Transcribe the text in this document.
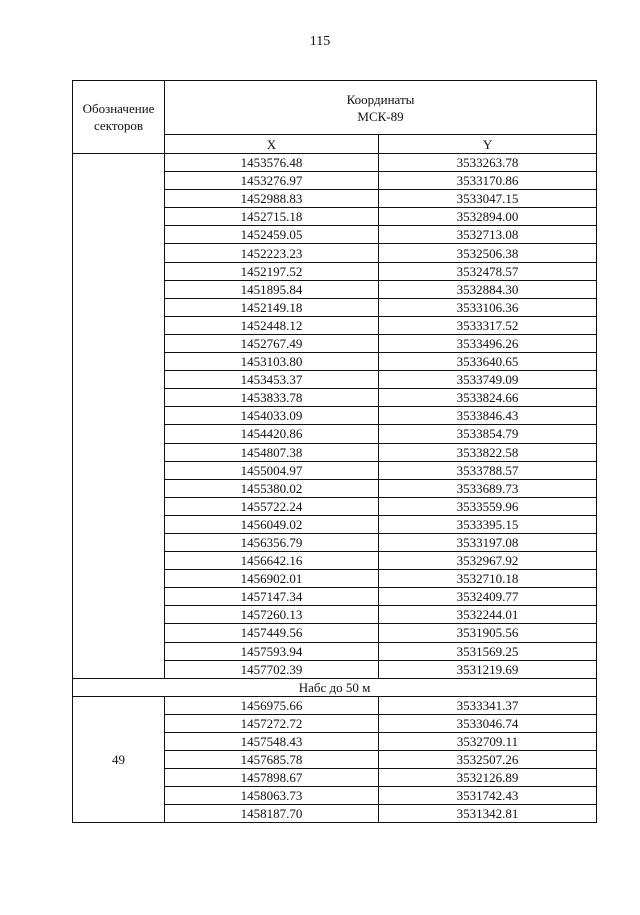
115
Обозначение секторов	Координаты
МСК-89	

	X	Y
	1453576.48	3533263.78
	1453276.97	3533170.86
	1452988.83	3533047.15
	1452715.18	3532894.00
	1452459.05	3532713.08
	1452223.23	3532506.38
	1452197.52	3532478.57
	1451895.84	3532884.30
	1452149.18	3533106.36
	1452448.12	3533317.52
	1452767.49	3533496.26
	1453103.80	3533640.65
	1453453.37	3533749.09
	1453833.78	3533824.66
	1454033.09	3533846.43
	1454420.86	3533854.79
	1454807.38	3533822.58
	1455004.97	3533788.57
	1455380.02	3533689.73
	1455722.24	3533559.96
	1456049.02	3533395.15
	1456356.79	3533197.08
	1456642.16	3532967.92
	1456902.01	3532710.18
	1457147.34	3532409.77
	1457260.13	3532244.01
	1457449.56	3531905.56
	1457593.94	3531569.25
	1457702.39	3531219.69
Набс до 50 м		
49	1456975.66	3533341.37
	1457272.72	3533046.74
	1457548.43	3532709.11
	1457685.78	3532507.26
	1457898.67	3532126.89
	1458063.73	3531742.43
	1458187.70	3531342.81
